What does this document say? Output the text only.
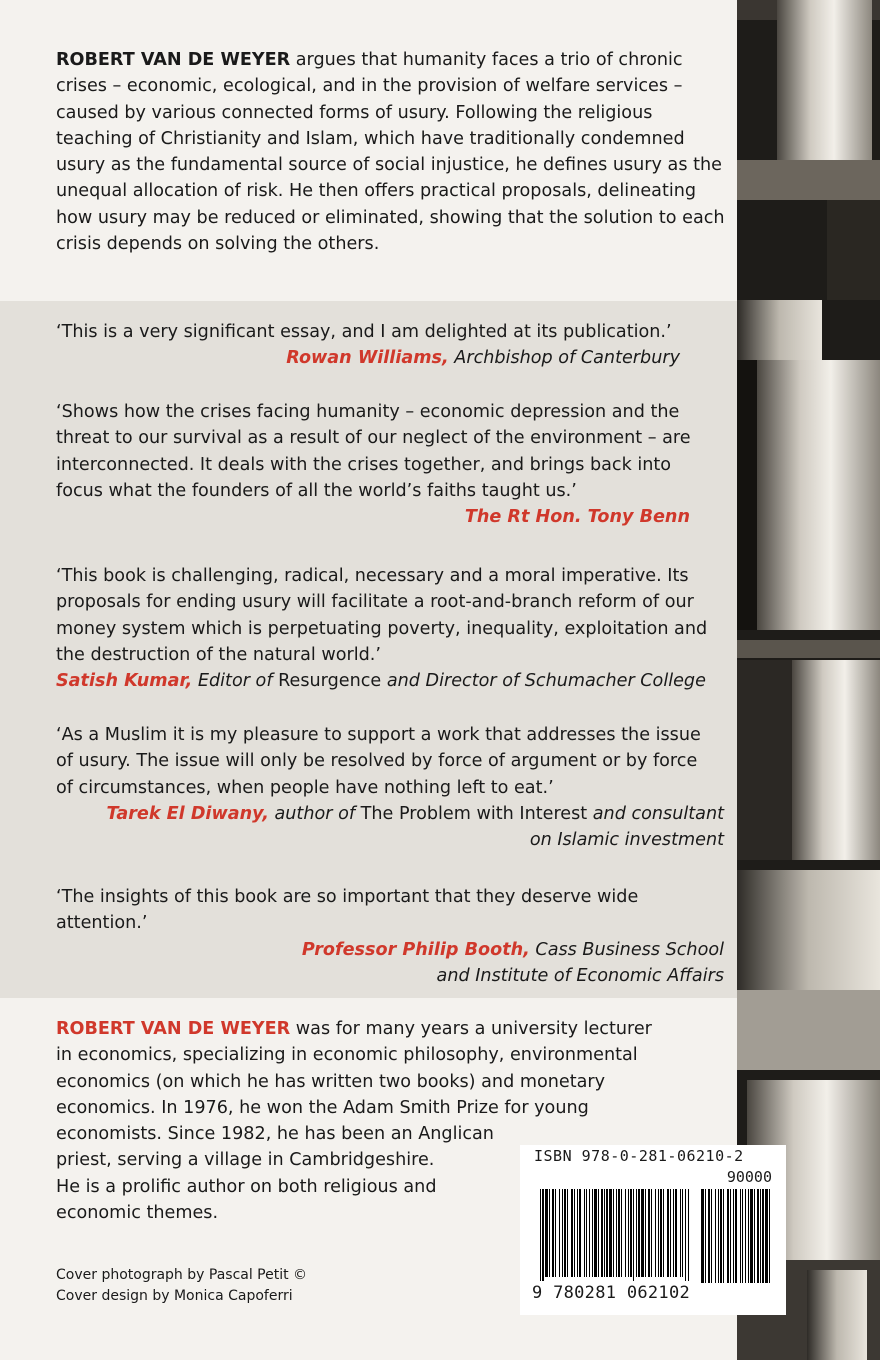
ROBERT VAN DE WEYER argues that humanity faces a trio of chronic crises – economic, ecological, and in the provision of welfare services – caused by various connected forms of usury. Following the religious teaching of Christianity and Islam, which have traditionally condemned usury as the fundamental source of social injustice, he defines usury as the unequal allocation of risk. He then offers practical proposals, delineating how usury may be reduced or eliminated, showing that the solution to each crisis depends on solving the others.
‘This is a very significant essay, and I am delighted at its publication.’
Rowan Williams, Archbishop of Canterbury
‘Shows how the crises facing humanity – economic depression and the threat to our survival as a result of our neglect of the environment – are interconnected. It deals with the crises together, and brings back into focus what the founders of all the world’s faiths taught us.’
The Rt Hon. Tony Benn
‘This book is challenging, radical, necessary and a moral imperative. Its proposals for ending usury will facilitate a root-and-branch reform of our money system which is perpetuating poverty, inequality, exploitation and the destruction of the natural world.’
Satish Kumar, Editor of Resurgence and Director of Schumacher College
‘As a Muslim it is my pleasure to support a work that addresses the issue of usury. The issue will only be resolved by force of argument or by force of circumstances, when people have nothing left to eat.’
Tarek El Diwany, author of The Problem with Interest and consultant
on Islamic investment
‘The insights of this book are so important that they deserve wide attention.’
Professor Philip Booth, Cass Business School
and Institute of Economic Affairs
ROBERT VAN DE WEYER was for many years a university lecturer
in economics, specializing in economic philosophy, environmental
economics (on which he has written two books) and monetary
economics. In 1976, he won the Adam Smith Prize for young
economists. Since 1982, he has been an Anglican
priest, serving a village in Cambridgeshire.
He is a prolific author on both religious and
economic themes.
Cover photograph by Pascal Petit ©
Cover design by Monica Capoferri
ISBN 978-0-281-06210-2
90000
9 780281 062102
